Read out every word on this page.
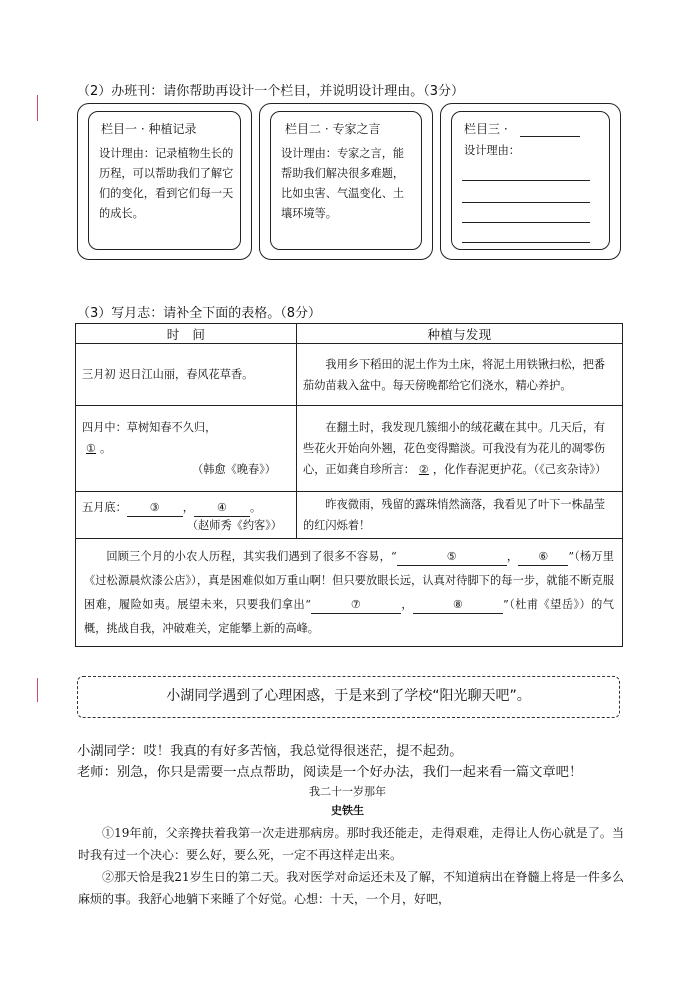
（2）办班刊：请你帮助再设计一个栏目，并说明设计理由。（3分）
栏目一 · 种植记录
设计理由：记录植物生长的历程，可以帮助我们了解它们的变化，看到它们每一天的成长。
栏目二 · 专家之言
设计理由：专家之言，能帮助我们解决很多难题，比如虫害、气温变化、土壤环境等。
栏目三 ·
设计理由：
（3）写月志：请补全下面的表格。（8分）
时　间	种植与发现

三月初 迟日江山丽，春风花草香。	我用乡下稻田的泥土作为土床，将泥土用铁锹扫松，把番茄幼苗栽入盆中。每天傍晚都给它们浇水，精心养护。

四月中：草树知春不久归，
① 。
（韩愈《晚春》）	在翻土时，我发现几簇细小的绒花藏在其中。几天后，有些花火开始向外翘，花色变得黯淡。可我没有为花儿的凋零伤心，正如龚自珍所言： ② ，化作春泥更护花。（《己亥杂诗》）

五月底： ③ ， ④ 。
（赵师秀《约客》）	昨夜微雨，残留的露珠悄然滴落，我看见了叶下一株晶莹的红闪烁着！

回顾三个月的小农人历程，其实我们遇到了很多不容易，“ ⑤ ， ⑥ ”（杨万里《过松源晨炊漆公店》），真是困难似如万重山啊！但只要放眼长远，认真对待脚下的每一步，就能不断克服困难，履险如夷。展望未来，只要我们拿出“ ⑦ ， ⑧ ”（杜甫《望岳》）的气概，挑战自我，冲破难关，定能攀上新的高峰。	
小湖同学遇到了心理困惑，于是来到了学校“阳光聊天吧”。
小湖同学：哎！我真的有好多苦恼，我总觉得很迷茫，提不起劲。
老师：别急，你只是需要一点点帮助，阅读是一个好办法，我们一起来看一篇文章吧！
我二十一岁那年
史铁生
①19年前，父亲搀扶着我第一次走进那病房。那时我还能走，走得艰难，走得让人伤心就是了。当时我有过一个决心：要么好，要么死，一定不再这样走出来。
②那天恰是我21岁生日的第二天。我对医学对命运还未及了解，不知道病出在脊髓上将是一件多么麻烦的事。我舒心地躺下来睡了个好觉。心想：十天，一个月，好吧，
